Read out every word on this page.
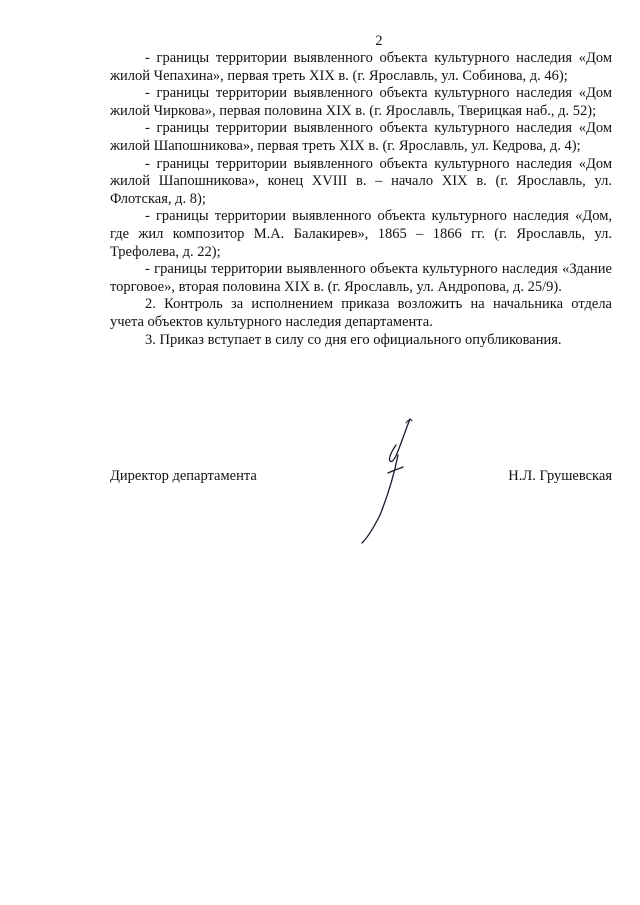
2

- границы территории выявленного объекта культурного наследия «Дом жилой Чепахина», первая треть XIX в. (г. Ярославль, ул. Собинова, д. 46);

- границы территории выявленного объекта культурного наследия «Дом жилой Чиркова», первая половина XIX в. (г. Ярославль, Тверицкая наб., д. 52);

- границы территории выявленного объекта культурного наследия «Дом жилой Шапошникова», первая треть XIX в. (г. Ярославль, ул. Кедрова, д. 4);

- границы территории выявленного объекта культурного наследия «Дом жилой Шапошникова», конец XVIII в. – начало XIX в. (г. Ярославль, ул. Флотская, д. 8);

- границы территории выявленного объекта культурного наследия «Дом, где жил композитор М.А. Балакирев», 1865 – 1866 гг. (г. Ярославль, ул. Трефолева, д. 22);

- границы территории выявленного объекта культурного наследия «Здание торговое», вторая половина XIX в. (г. Ярославль, ул. Андропова, д. 25/9).

2. Контроль за исполнением приказа возложить на начальника отдела учета объектов культурного наследия департамента.

3. Приказ вступает в силу со дня его официального опубликования.

Директор департамента	Н.Л. Грушевская
